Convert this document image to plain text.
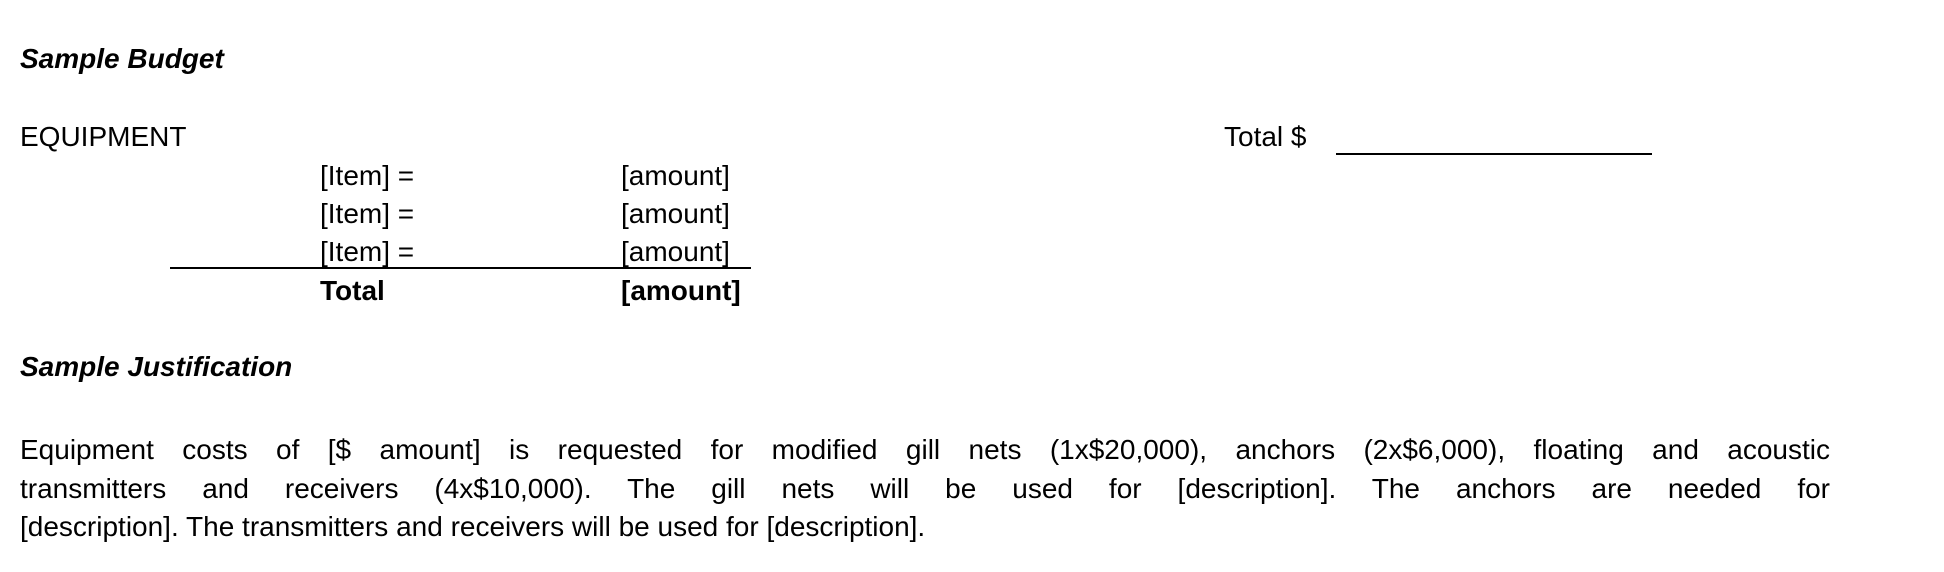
Sample Budget
EQUIPMENT	Total $
[Item] =	[amount]
[Item] =	[amount]
[Item] =	[amount]
Total	[amount]
Sample Justification
Equipment costs of [$ amount] is requested for modified gill nets (1x$20,000), anchors (2x$6,000), floating and acoustic
transmitters and receivers (4x$10,000). The gill nets will be used for [description]. The anchors are needed for
[description]. The transmitters and receivers will be used for [description].
